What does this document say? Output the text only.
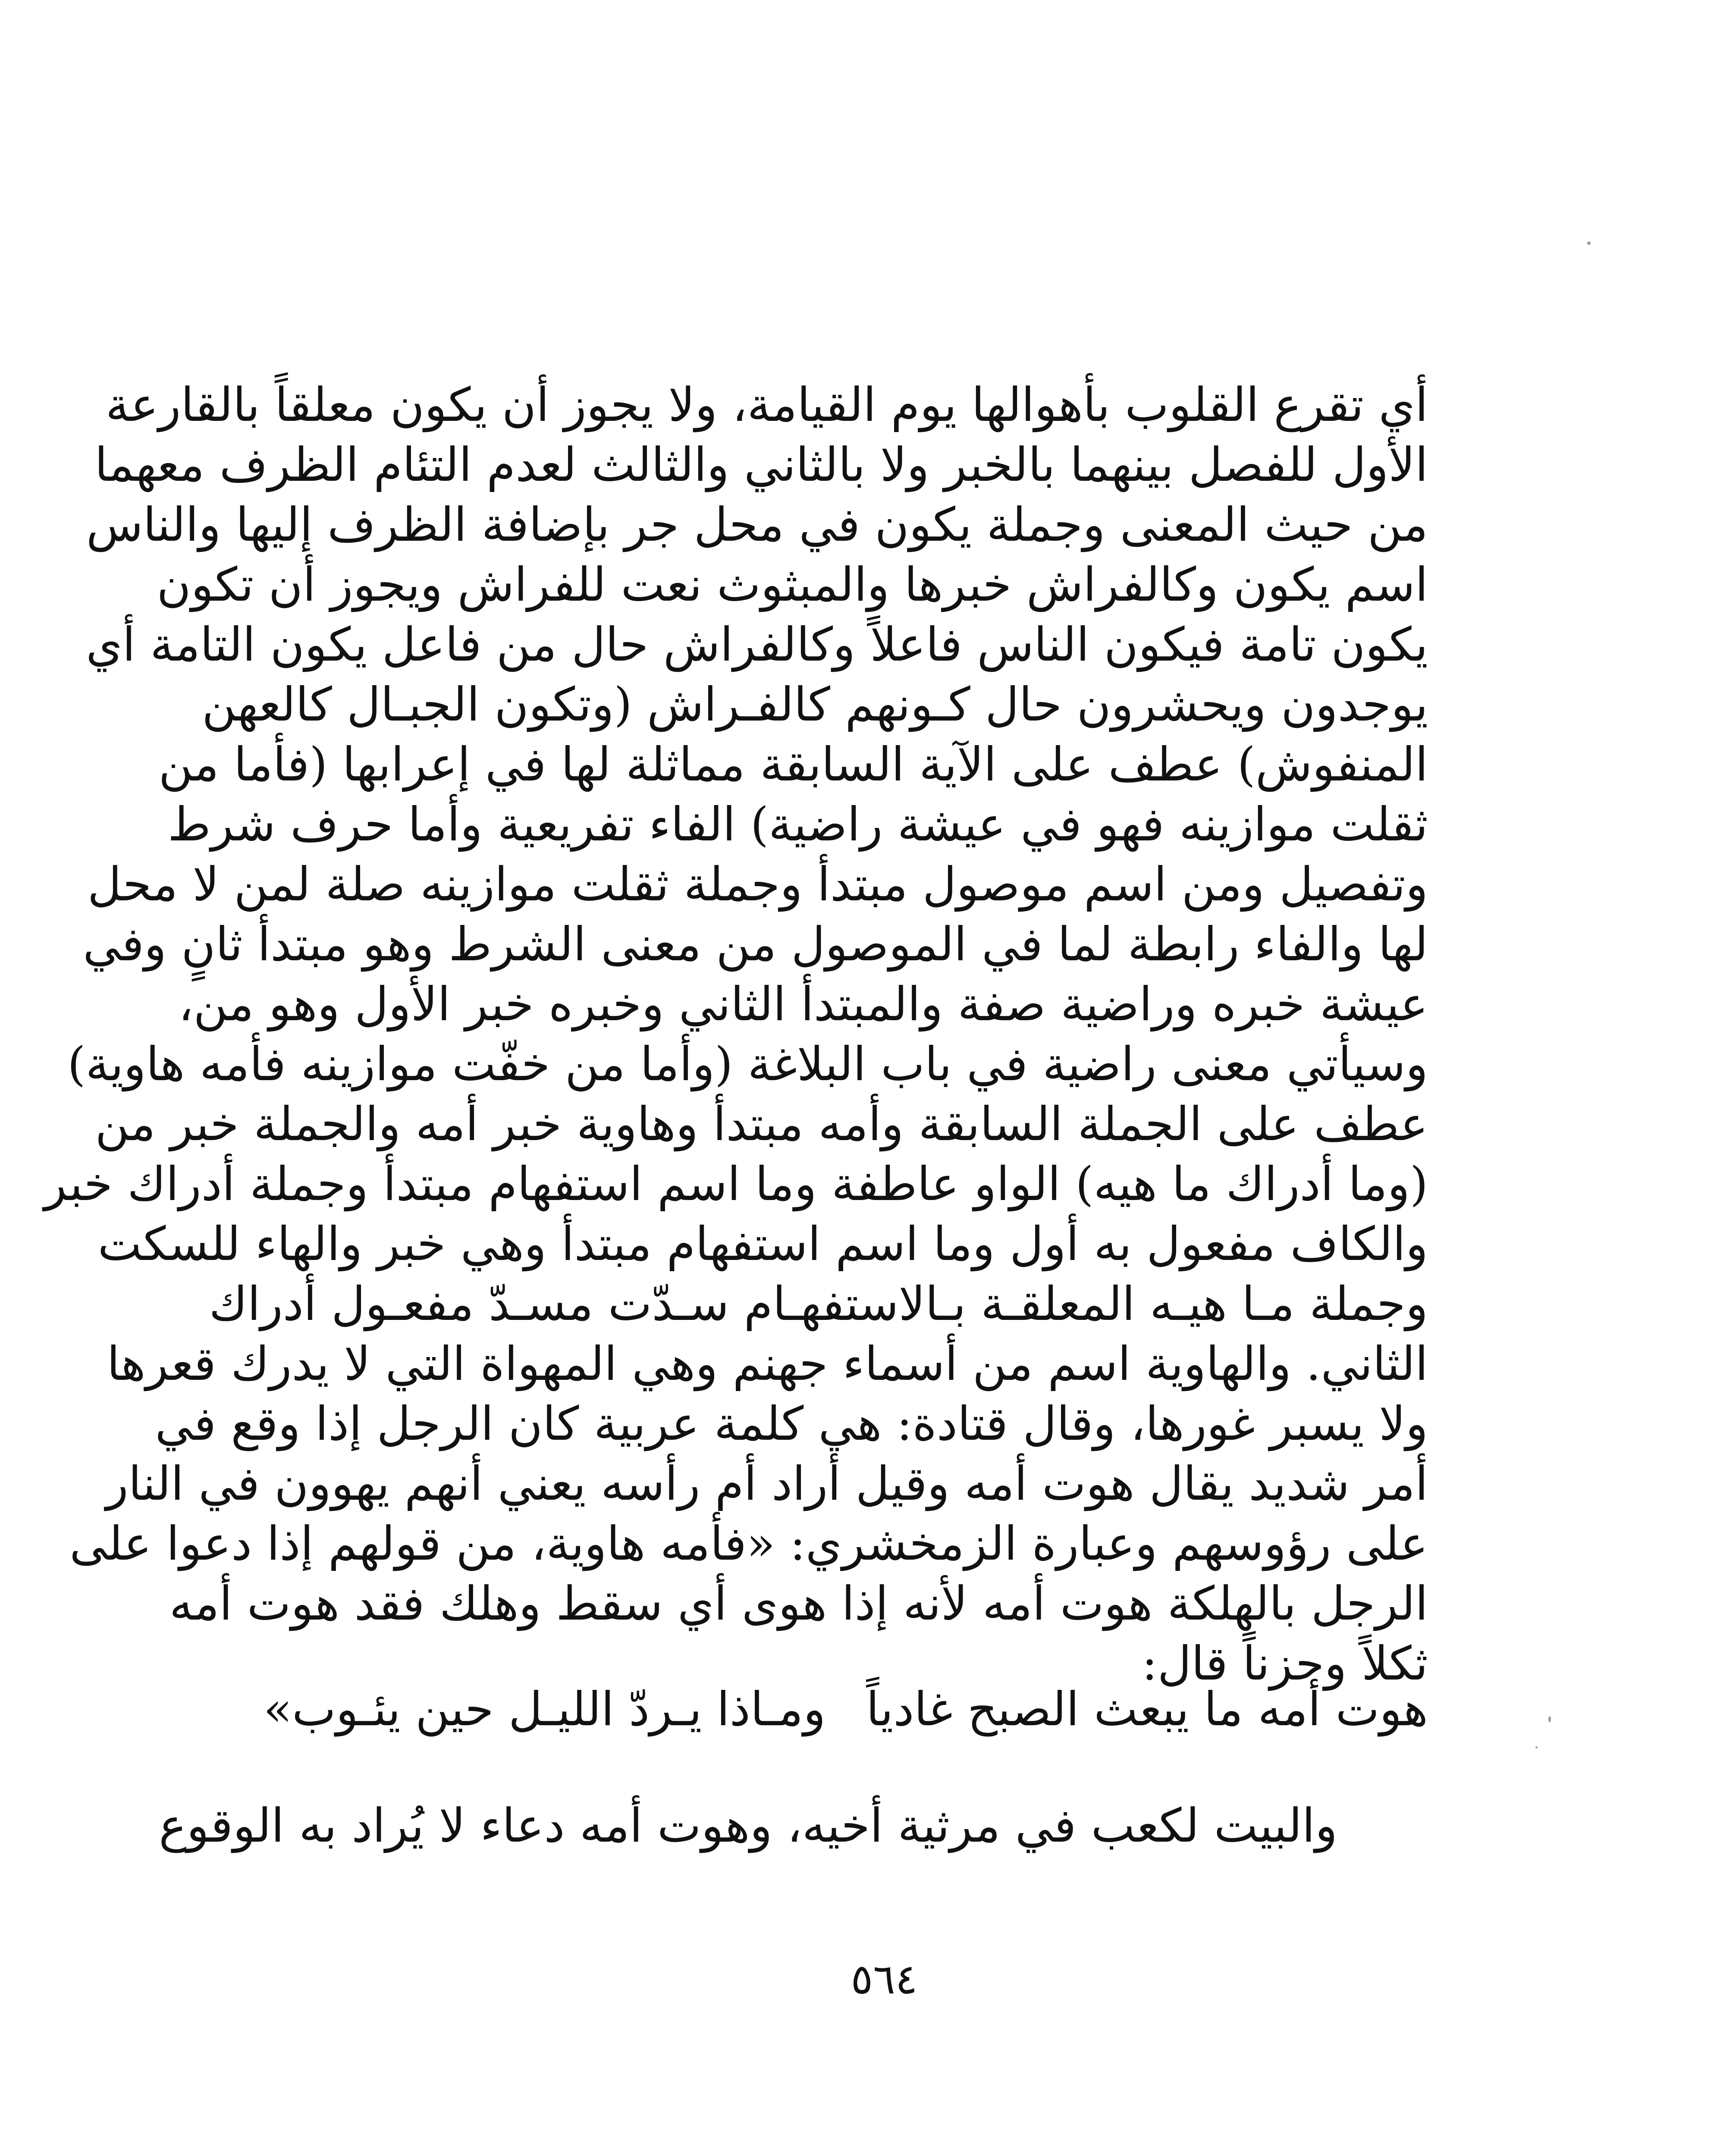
أي تقرع القلوب بأهوالها يوم القيامة، ولا يجوز أن يكون معلقاً بالقارعة
الأول للفصل بينهما بالخبر ولا بالثاني والثالث لعدم التئام الظرف معهما
من حيث المعنى وجملة يكون في محل جر بإضافة الظرف إليها والناس
اسم يكون وكالفراش خبرها والمبثوث نعت للفراش ويجوز أن تكون
يكون تامة فيكون الناس فاعلاً وكالفراش حال من فاعل يكون التامة أي
يوجدون ويحشرون حال كـونهم كالفـراش (وتكون الجبـال كالعهن
المنفوش) عطف على الآية السابقة مماثلة لها في إعرابها (فأما من
ثقلت موازينه فهو في عيشة راضية) الفاء تفريعية وأما حرف شرط
وتفصيل ومن اسم موصول مبتدأ وجملة ثقلت موازينه صلة لمن لا محل
لها والفاء رابطة لما في الموصول من معنى الشرط وهو مبتدأ ثانٍ وفي
عيشة خبره وراضية صفة والمبتدأ الثاني وخبره خبر الأول وهو من،
وسيأتي معنى راضية في باب البلاغة (وأما من خفّت موازينه فأمه هاوية)
عطف على الجملة السابقة وأمه مبتدأ وهاوية خبر أمه والجملة خبر من
(وما أدراك ما هيه) الواو عاطفة وما اسم استفهام مبتدأ وجملة أدراك خبر
والكاف مفعول به أول وما اسم استفهام مبتدأ وهي خبر والهاء للسكت
وجملة مـا هيـه المعلقـة بـالاستفهـام سـدّت مسـدّ مفعـول أدراك
الثاني. والهاوية اسم من أسماء جهنم وهي المهواة التي لا يدرك قعرها
ولا يسبر غورها، وقال قتادة: هي كلمة عربية كان الرجل إذا وقع في
أمر شديد يقال هوت أمه وقيل أراد أم رأسه يعني أنهم يهوون في النار
على رؤوسهم وعبارة الزمخشري: «فأمه هاوية، من قولهم إذا دعوا على
الرجل بالهلكة هوت أمه لأنه إذا هوى أي سقط وهلك فقد هوت أمه
ثكلاً وحزناً قال:
هوت أمه ما يبعث الصبح غادياً
ومـاذا يـردّ الليـل حين يئـوب»
والبيت لكعب في مرثية أخيه، وهوت أمه دعاء لا يُراد به الوقوع
٥٦٤
